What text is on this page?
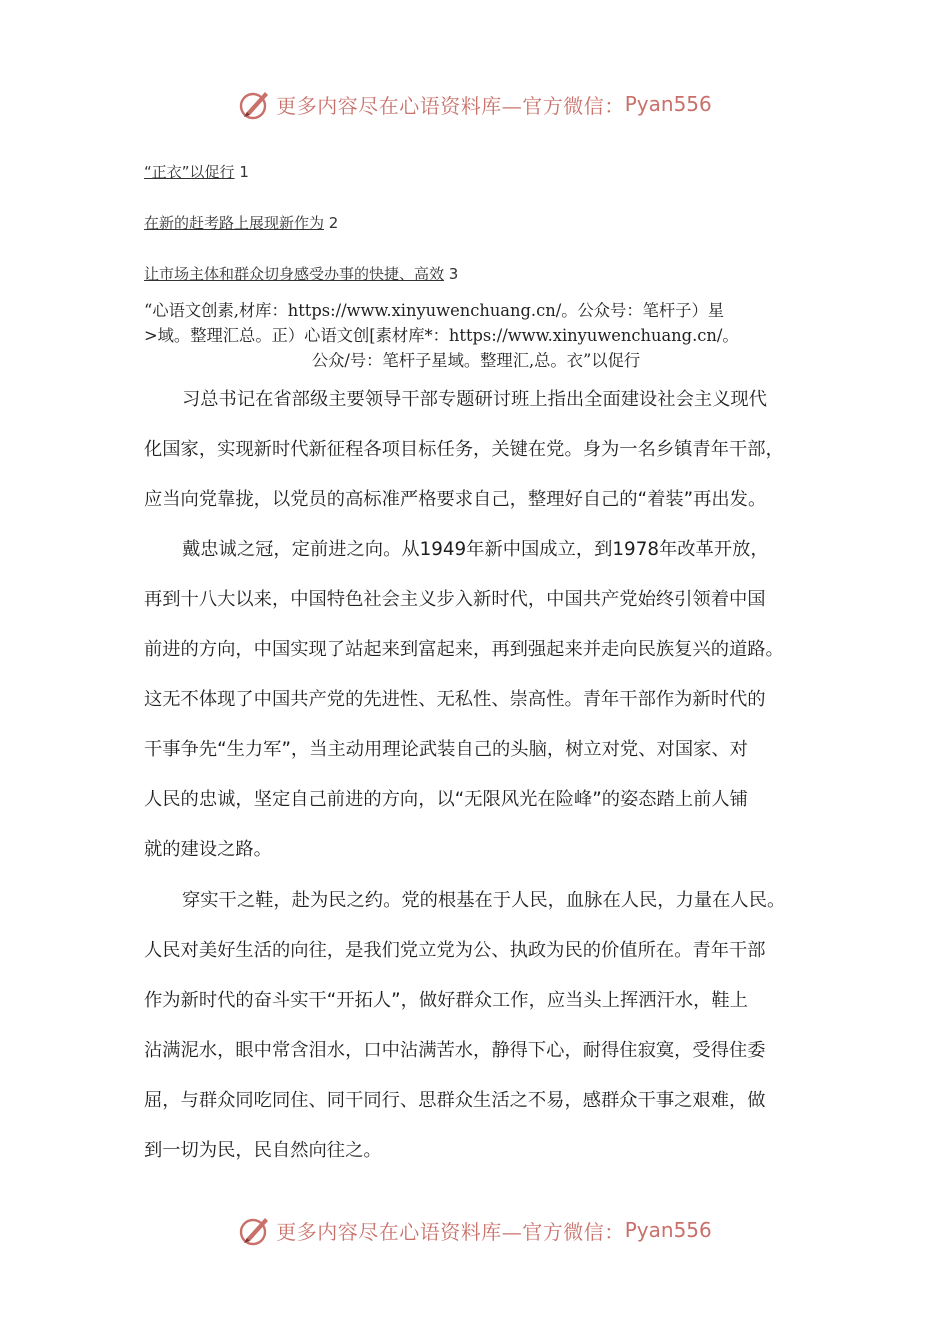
更多内容尽在心语资料库—官方微信： Pyan556
“正衣”以促行 1
在新的赶考路上展现新作为 2
让市场主体和群众切身感受办事的快捷、高效 3
“心语文创素,材库：https://www.xinyuwenchuang.cn/。公众号：笔杆子）星
>域。整理汇总。正）心语文创[素材库*：https://www.xinyuwenchuang.cn/。
公众/号：笔杆子星域。整理汇,总。衣”以促行
习总书记在省部级主要领导干部专题研讨班上指出全面建设社会主义现代
化国家，实现新时代新征程各项目标任务，关键在党。身为一名乡镇青年干部，
应当向党靠拢，以党员的高标准严格要求自己，整理好自己的“着装”再出发。
戴忠诚之冠，定前进之向。从1949年新中国成立，到1978年改革开放，
再到十八大以来，中国特色社会主义步入新时代，中国共产党始终引领着中国
前进的方向，中国实现了站起来到富起来，再到强起来并走向民族复兴的道路。
这无不体现了中国共产党的先进性、无私性、崇高性。青年干部作为新时代的
干事争先“生力军”，当主动用理论武装自己的头脑，树立对党、对国家、对
人民的忠诚，坚定自己前进的方向，以“无限风光在险峰”的姿态踏上前人铺
就的建设之路。
穿实干之鞋，赴为民之约。党的根基在于人民，血脉在人民，力量在人民。
人民对美好生活的向往，是我们党立党为公、执政为民的价值所在。青年干部
作为新时代的奋斗实干“开拓人”，做好群众工作，应当头上挥洒汗水，鞋上
沾满泥水，眼中常含泪水，口中沾满苦水，静得下心，耐得住寂寞，受得住委
屈，与群众同吃同住、同干同行、思群众生活之不易，感群众干事之艰难，做
到一切为民，民自然向往之。
更多内容尽在心语资料库—官方微信： Pyan556
